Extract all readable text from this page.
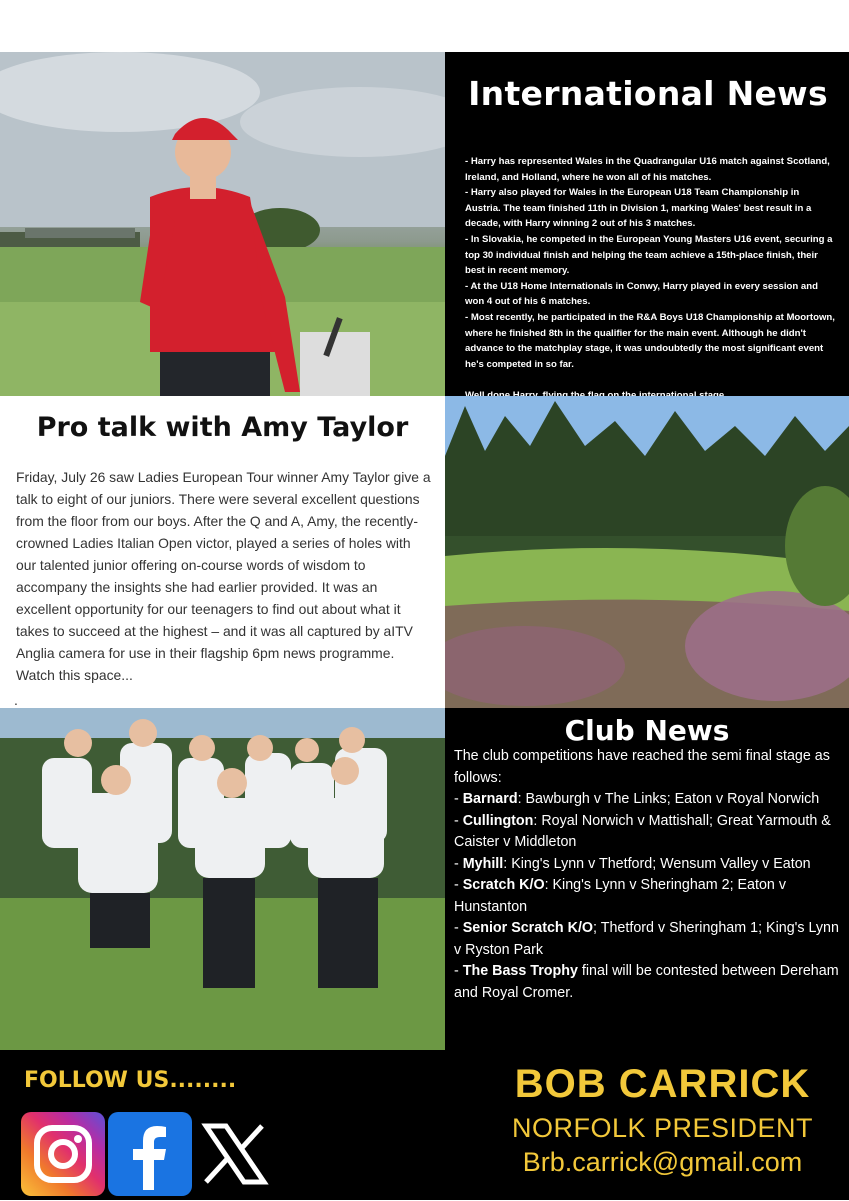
International News

- Harry has represented Wales in the Quadrangular U16 match against Scotland, Ireland, and Holland, where he won all of his matches.

- Harry also played for Wales in the European U18 Team Championship in Austria. The team finished 11th in Division 1, marking Wales' best result in a decade, with Harry winning 2 out of his 3 matches.

- In Slovakia, he competed in the European Young Masters U16 event, securing a top 30 individual finish and helping the team achieve a 15th-place finish, their best in recent memory.

- At the U18 Home Internationals in Conwy, Harry played in every session and won 4 out of his 6 matches.

- Most recently, he participated in the R&A Boys U18 Championship at Moortown, where he finished 8th in the qualifier for the main event. Although he didn't advance to the matchplay stage, it was undoubtedly the most significant event he's competed in so far.

Pro talk with Amy Taylor

Friday, July 26 saw Ladies European Tour winner Amy Taylor give a talk to eight of our juniors. There were several excellent questions from the floor from our boys. After the Q and A, Amy, the recently-crowned Ladies Italian Open victor, played a series of holes with our talented junior offering on-course words of wisdom to accompany the insights she had earlier provided. It was an excellent opportunity for our teenagers to find out about what it takes to succeed at the highest – and it was all captured by aITV Anglia camera for use in their flagship 6pm news programme. Watch this space...

.
Club News

The club competitions have reached the semi final stage as follows:

- Barnard: Bawburgh v The Links; Eaton v Royal Norwich

- Cullington: Royal Norwich v Mattishall; Great Yarmouth & Caister v Middleton

- Myhill: King's Lynn v Thetford; Wensum Valley v Eaton

- Scratch K/O: King's Lynn v Sheringham 2; Eaton v Hunstanton

- Senior Scratch K/O; Thetford v Sheringham 1; King's Lynn v Ryston Park

- The Bass Trophy final will be contested between Dereham and Royal Cromer.

FOLLOW US........	BOB CARRICK
NORFOLK PRESIDENT
Brb.carrick@gmail.com
